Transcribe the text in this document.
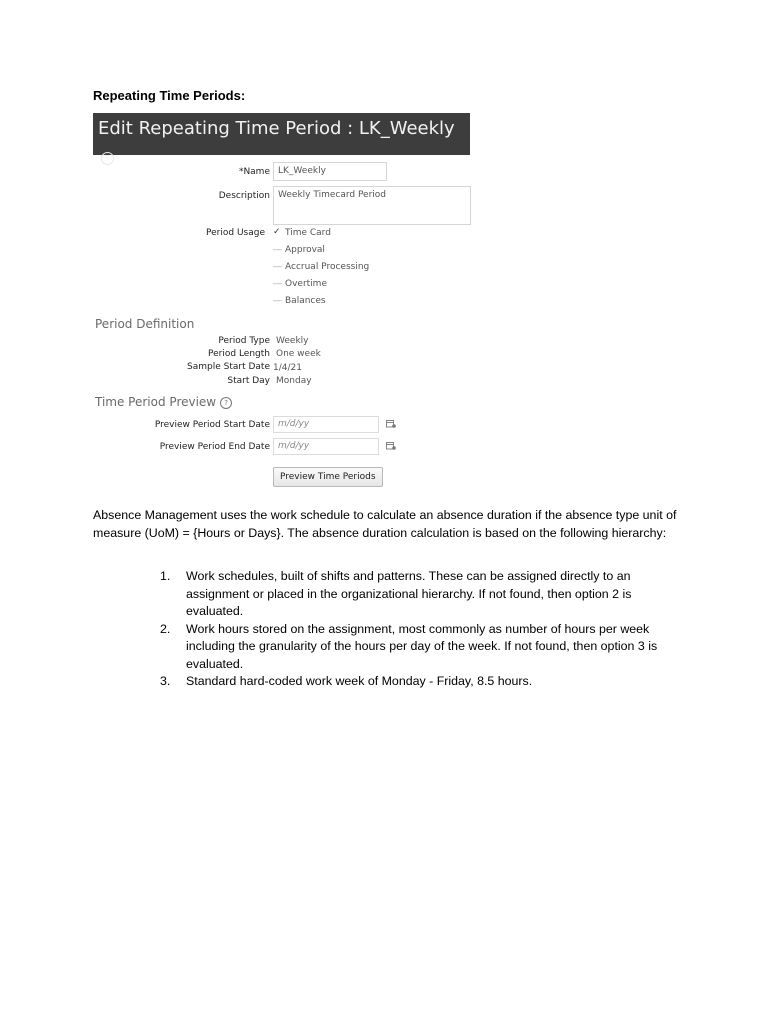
Repeating Time Periods:
Edit Repeating Time Period : LK_Weekly?
*Name LK_Weekly
Description Weekly Timecard Period
Period Usage ✓ Time Card
__ Approval
__ Accrual Processing
__ Overtime
__ Balances
Period Definition
Period Type Weekly
Period Length One week
Sample Start Date 1/4/21
Start Day Monday
Time Period Preview ?
Preview Period Start Date m/d/yy
Preview Period End Date m/d/yy
Preview Time Periods
Absence Management uses the work schedule to calculate an absence duration if the absence type unit of measure (UoM) = {Hours or Days}. The absence duration calculation is based on the following hierarchy:
1. Work schedules, built of shifts and patterns. These can be assigned directly to an assignment or placed in the organizational hierarchy. If not found, then option 2 is evaluated.
2. Work hours stored on the assignment, most commonly as number of hours per week including the granularity of the hours per day of the week. If not found, then option 3 is evaluated.
3. Standard hard-coded work week of Monday - Friday, 8.5 hours.
